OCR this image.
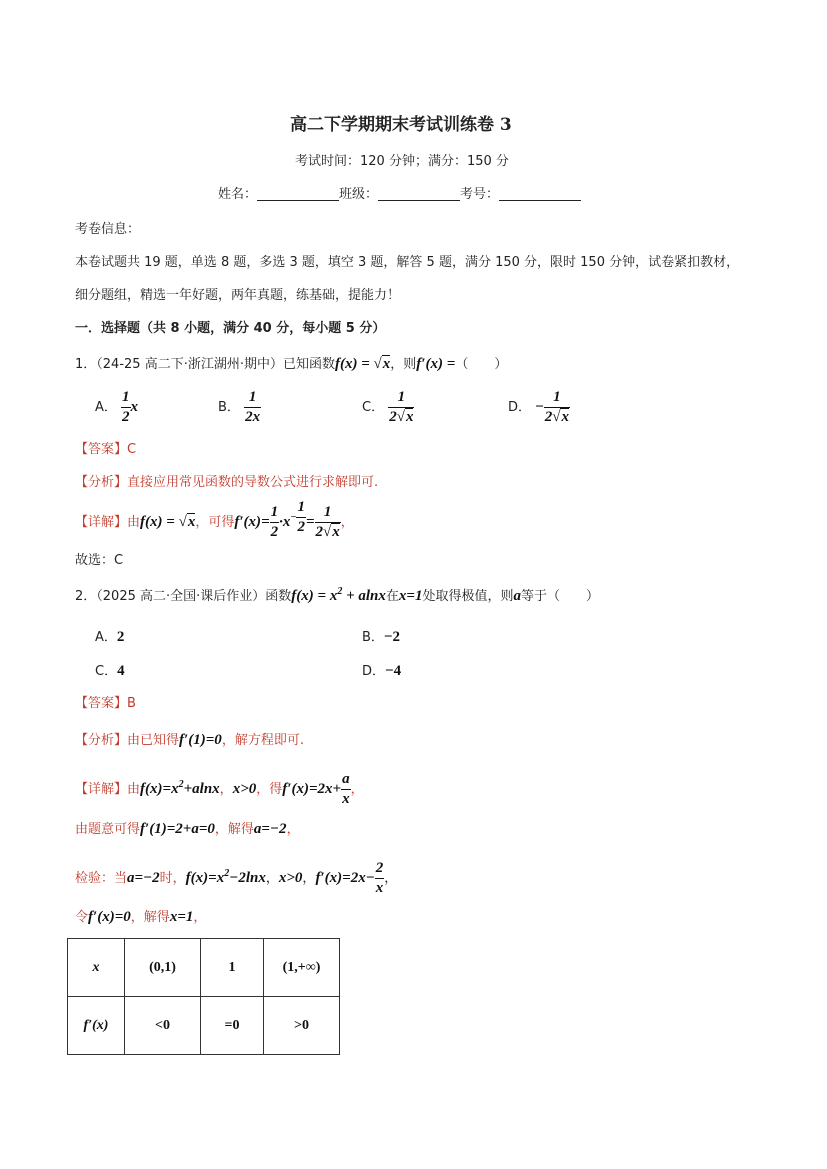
高二下学期期末考试训练卷 3
考试时间：120 分钟；满分：150 分
姓名：	班级：	考号：
考卷信息：
本卷试题共 19 题，单选 8 题，多选 3 题，填空 3 题，解答 5 题，满分 150 分，限时 150 分钟，试卷紧扣教材，
细分题组，精选一年好题，两年真题，练基础，提能力！
一．选择题（共 8 小题，满分 40 分，每小题 5 分）
1．（24-25 高二下·浙江湖州·期中）已知函数f(x) = √x，则f′(x) =（　　）
A． $\frac{1}{2}$ x	B． $\frac{1}{2x}$	C． $\frac{1}{2√x}$	D． − $\frac{1}{2√x}$
【答案】C
【分析】直接应用常见函数的导数公式进行求解即可.
【详解】由f(x) = √x，可得$f'(x)= \frac{1}{2} \cdot x^{- \frac{1}{2}} = \frac{1}{2√x}$ ，
故选：C
2．（2025 高二·全国·课后作业）函数$f(x) = x^2 + alnx$在x=1处取得极值，则a等于（　　）
A．2	B．−2
C．4	D．−4
【答案】B
【分析】由已知得f′(1)=0，解方程即可.
【详解】由$f(x)=x^2+alnx$，x>0，得$f'(x)=2x+ \frac{a}{x}$ ，
由题意可得f′(1)=2+a=0，解得a=−2，
检验：当a=−2时，$f(x)=x^2-2\ln x$，x>0，$f'(x)=2x- \frac{2}{x}$ ，
令f′(x)=0，解得x=1，
x	(0,1)	1	(1,+∞)
f′(x)	<0	=0	>0
